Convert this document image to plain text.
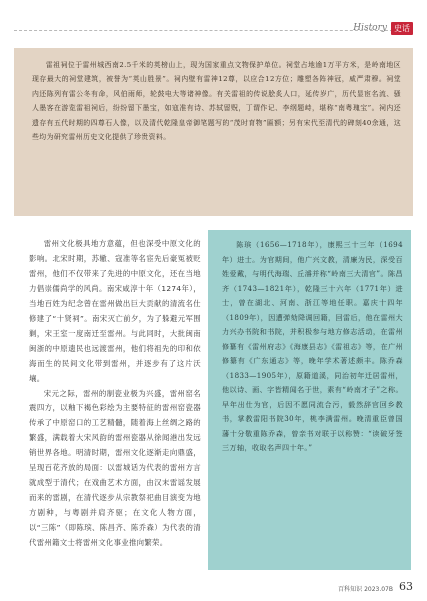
History 史话

雷祖祠位于雷州城西南2.5千米的英榜山上，现为国家重点文物保护单位。祠堂占地逾1万平方米，是岭南地区现存最大的祠堂建筑，被誉为“英山胜景”。祠内壁有雷神12尊，以应合12方位；雕塑各阵神冠，威严肃穆。祠堂内还陈列有雷公冬有命，风伯雨师，轮鼓电大等诸神像。有关雷祖的传说脍炙人口，延传岁广，历代显宦名流、骚人墨客在游览雷祖祠后，纷纷留下墨宝，如寇准有诗、苏轼留贶，丁谓作记、李纲题峙，堪称“南粤瑰宝”。祠内还遗存有五代时期的四尊石人像，以及清代乾隆皇帝御笔题写的“茂时育物”匾额；另有宋代至清代的碑刻40余通，这些均为研究雷州历史文化提供了珍贵资料。

雷州文化极具地方意蕴，但也深受中原文化的影响。北宋时期，苏辙、寇准等名宦先后豪冤被贬雷州，他们不仅带来了先进的中原文化，还在当地力倡崇儒尚学的风尚。南宋咸淳十年（1274年），当地百姓为纪念曾在雷州做出巨大贡献的清流名仕修建了“十贤祠”。南宋灭亡前夕，为了躲避元军围剿，宋王室一度南迁至雷州。与此同时，大批闽南闽浙的中原遗民也远渡雷州，他们将祖先的印和依海而生的民间文化带到雷州，并逐步有了这片沃壤。

宋元之际，雷州的制瓷业极为兴盛，雷州窑名震四方，以釉下褐色彩绘为主要特征的雷州窑瓷器传承了中原窑口的工艺精髓，随着海上丝绸之路的繁盛，满载着大宋风韵的雷州瓷器从徐闻港出发远销世界各地。明清时期，雷州文化逐渐走向鼎盛，呈现百花齐放的局面：以雷城话为代表的雷州方言就成型于清代；在戏曲艺术方面，由汉末雷谣发展而来的雷剧，在清代逐步从宗教祭祀曲目演变为地方剧种，与粤剧并肩齐驱；在文化人物方面，以“三陈”（即陈瑸、陈昌齐、陈乔森）为代表的清代雷州籍文士将雷州文化事业推向繁荣。

陈瑸（1656—1718年），康熙三十三年（1694年）进士。为官期间，他广兴文教，清廉为民，深受百姓爱戴，与明代海瑞、丘濬并称“岭南三大清官”。陈昌齐（1743—1821年），乾隆三十六年（1771年）进士，曾在湖北、河南、浙江等地任职。嘉庆十四年（1809年），因遭弹劾降调回籍，回雷后，他在雷州大力兴办书院和书院，并积极参与地方修志活动，在雷州修纂有《雷州府志》《海康县志》《雷祖志》等，在广州修纂有《广东通志》等，晚年学术著述颇丰。陈乔森（1833—1905年），原籍道溪，同治初年迁居雷州，他以诗、画、字皆精闻名于世，素有“岭南才子”之称。早年出仕为官，后因不愿同流合污，毅然辞官回乡教书，掌教雷阳书院30年，桃李满雷州。晚清重臣曾国藩十分敬重陈乔森，曾亲书对联于以称赞：“读破牙签三万轴，收取名声四十年。”

百科知识 2023.07B 63
